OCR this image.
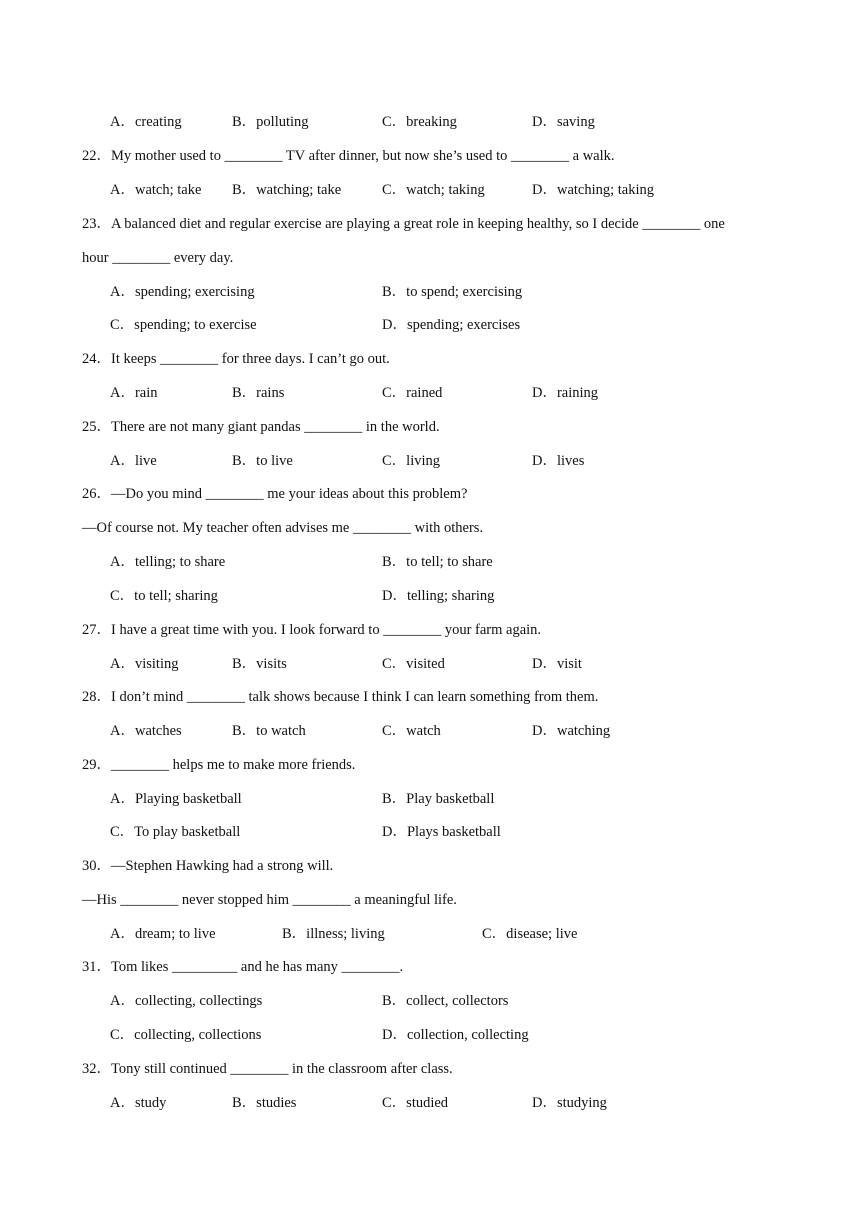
A．creating	B．polluting	C．breaking	D．saving
22．My mother used to ________ TV after dinner, but now she’s used to ________ a walk.
A．watch; take B．watching; take	C．watch; taking	D．watching; taking
23．A balanced diet and regular exercise are playing a great role in keeping healthy, so I decide ________ one
hour ________ every day.
A．spending; exercising	B．to spend; exercising
C．spending; to exercise	D．spending; exercises
24．It keeps ________ for three days. I can’t go out.
A．rain	B．rains	C．rained	D．raining
25．There are not many giant pandas ________ in the world.
A．live	B．to live	C．living	D．lives
26．—Do you mind ________ me your ideas about this problem?
—Of course not. My teacher often advises me ________ with others.
A．telling; to share	B．to tell; to share
C．to tell; sharing	D．telling; sharing
27．I have a great time with you. I look forward to ________ your farm again.
A．visiting	B．visits	C．visited	D．visit
28．I don’t mind ________ talk shows because I think I can learn something from them.
A．watches	B．to watch	C．watch	D．watching
29．________ helps me to make more friends.
A．Playing basketball	B．Play basketball
C．To play basketball	D．Plays basketball
30．—Stephen Hawking had a strong will.
—His ________ never stopped him ________ a meaningful life.
A．dream; to live	B．illness; living	C．disease; live
31．Tom likes _________ and he has many ________.
A．collecting, collectings	B．collect, collectors
C．collecting, collections	D．collection, collecting
32．Tony still continued ________ in the classroom after class.
A．study	B．studies	C．studied	D．studying
